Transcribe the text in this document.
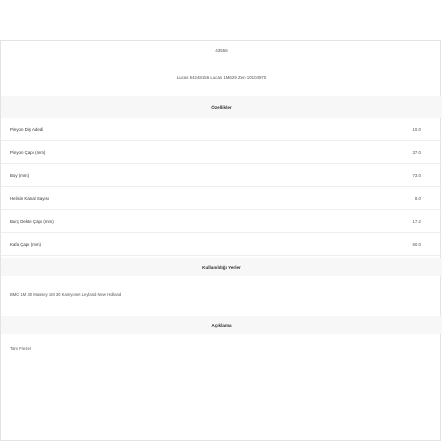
43556
Lucas 54248156 Lucas 1M629 Zen 10104970
Özellikler
Pinyon Diş Adedi	10.0
Pinyon Çapı (mm)	37.0
Boy (mm)	73.0
Helisin Kanal Sayısı	8.0
Burç Dekte Çapı (mm)	17.2
Kafa Çapı (mm)	60.0
Kullanıldığı Yerler
BMC 1M 30 Massey 1M 30 Kamyonet Leyland New Holland
Açıklama
Tam Frezer
